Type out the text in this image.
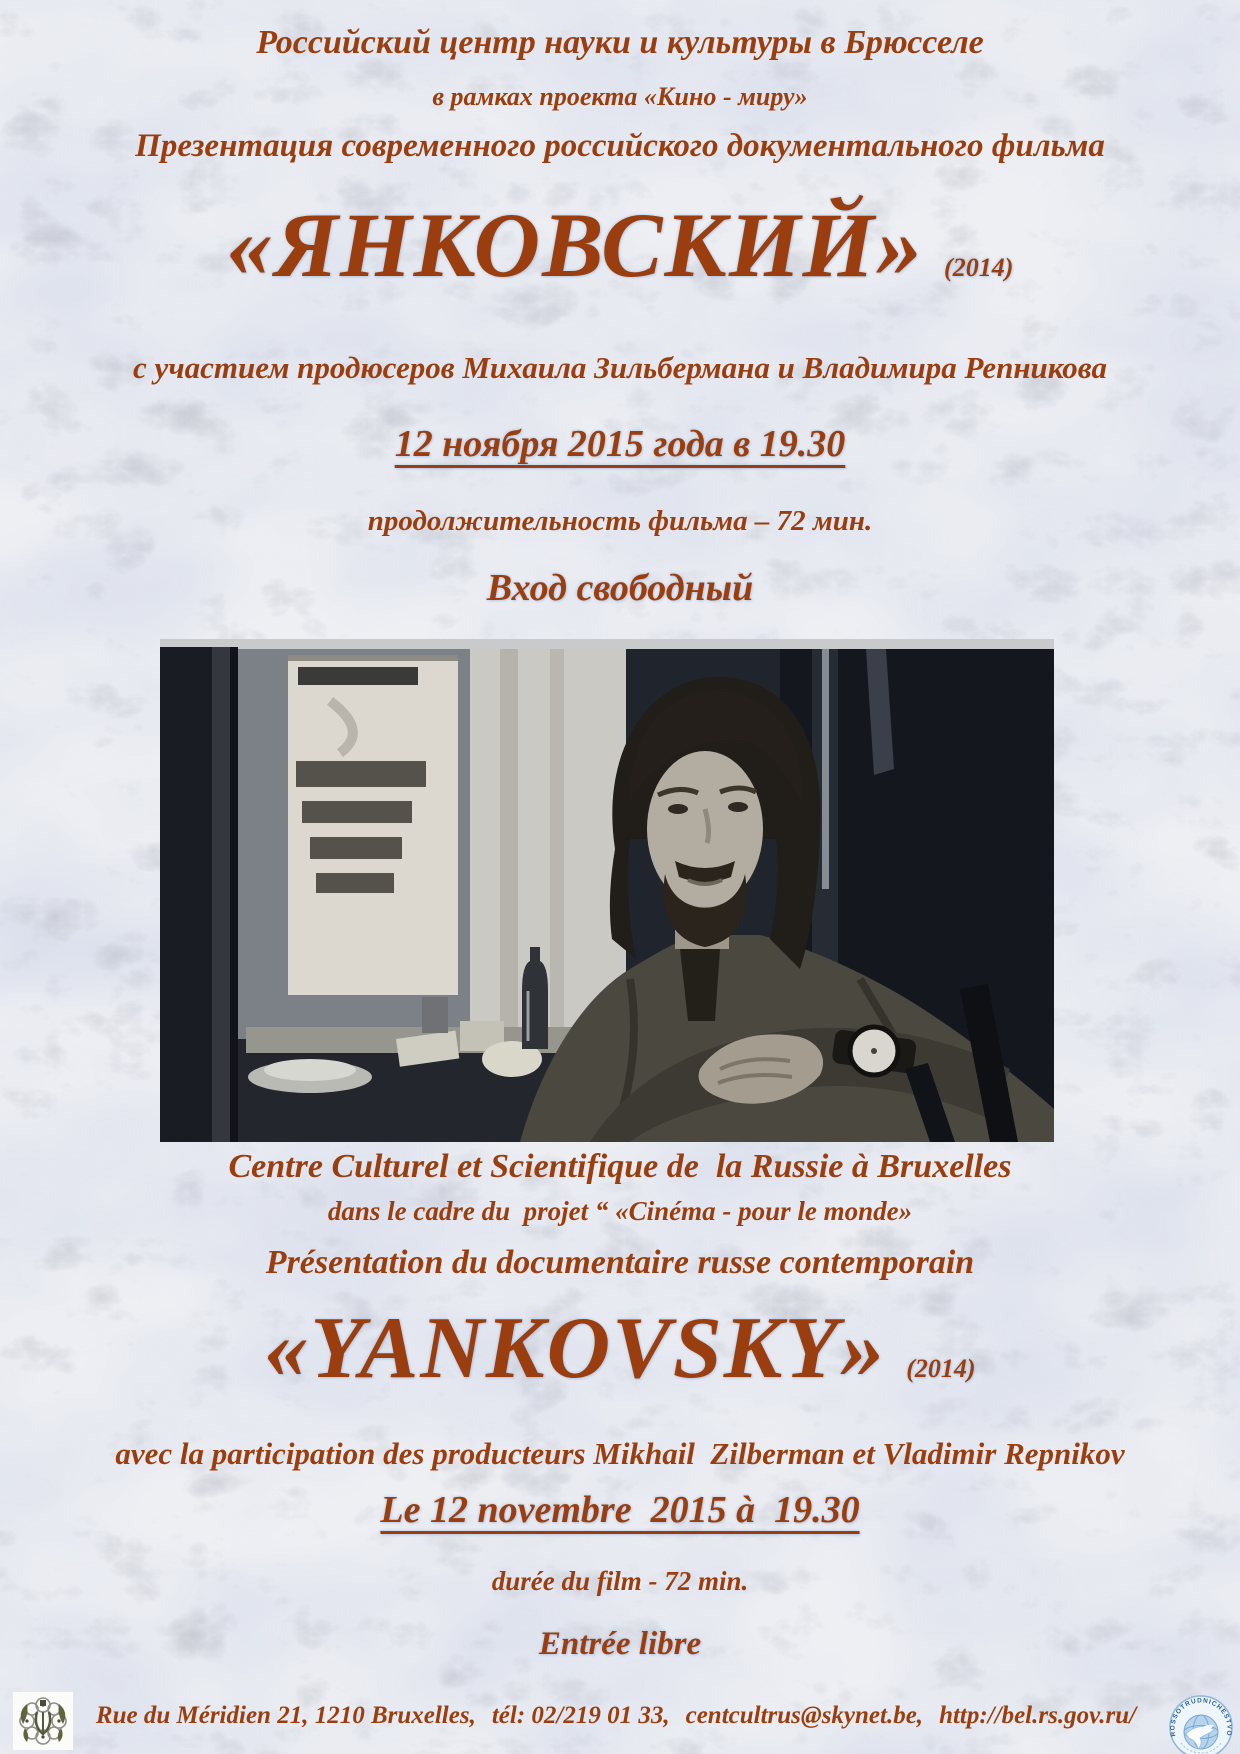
Российский центр науки и культуры в Брюсселе
в рамках проекта «Кино - миру»
Презентация современного российского документального фильма
«ЯНКОВСКИЙ» (2014)
с участием продюсеров Михаила Зильбермана и Владимира Репникова
12 ноября 2015 года в 19.30
продолжительность фильма – 72 мин.
Вход свободный
Centre Culturel et Scientifique de  la Russie à Bruxelles
dans le cadre du  projet “ «Cinéma - pour le monde»
Présentation du documentaire russe contemporain
«YANKOVSKY» (2014)
avec la participation des producteurs Mikhail  Zilberman et Vladimir Repnikov
Le 12 novembre  2015 à  19.30
durée du film - 72 min.
Entrée libre
Rue du Méridien 21, 1210 Bruxelles, tél: 02/219 01 33, centcultrus@skynet.be, http://bel.rs.gov.ru/
ROSSOTRUDNICHESTVO
